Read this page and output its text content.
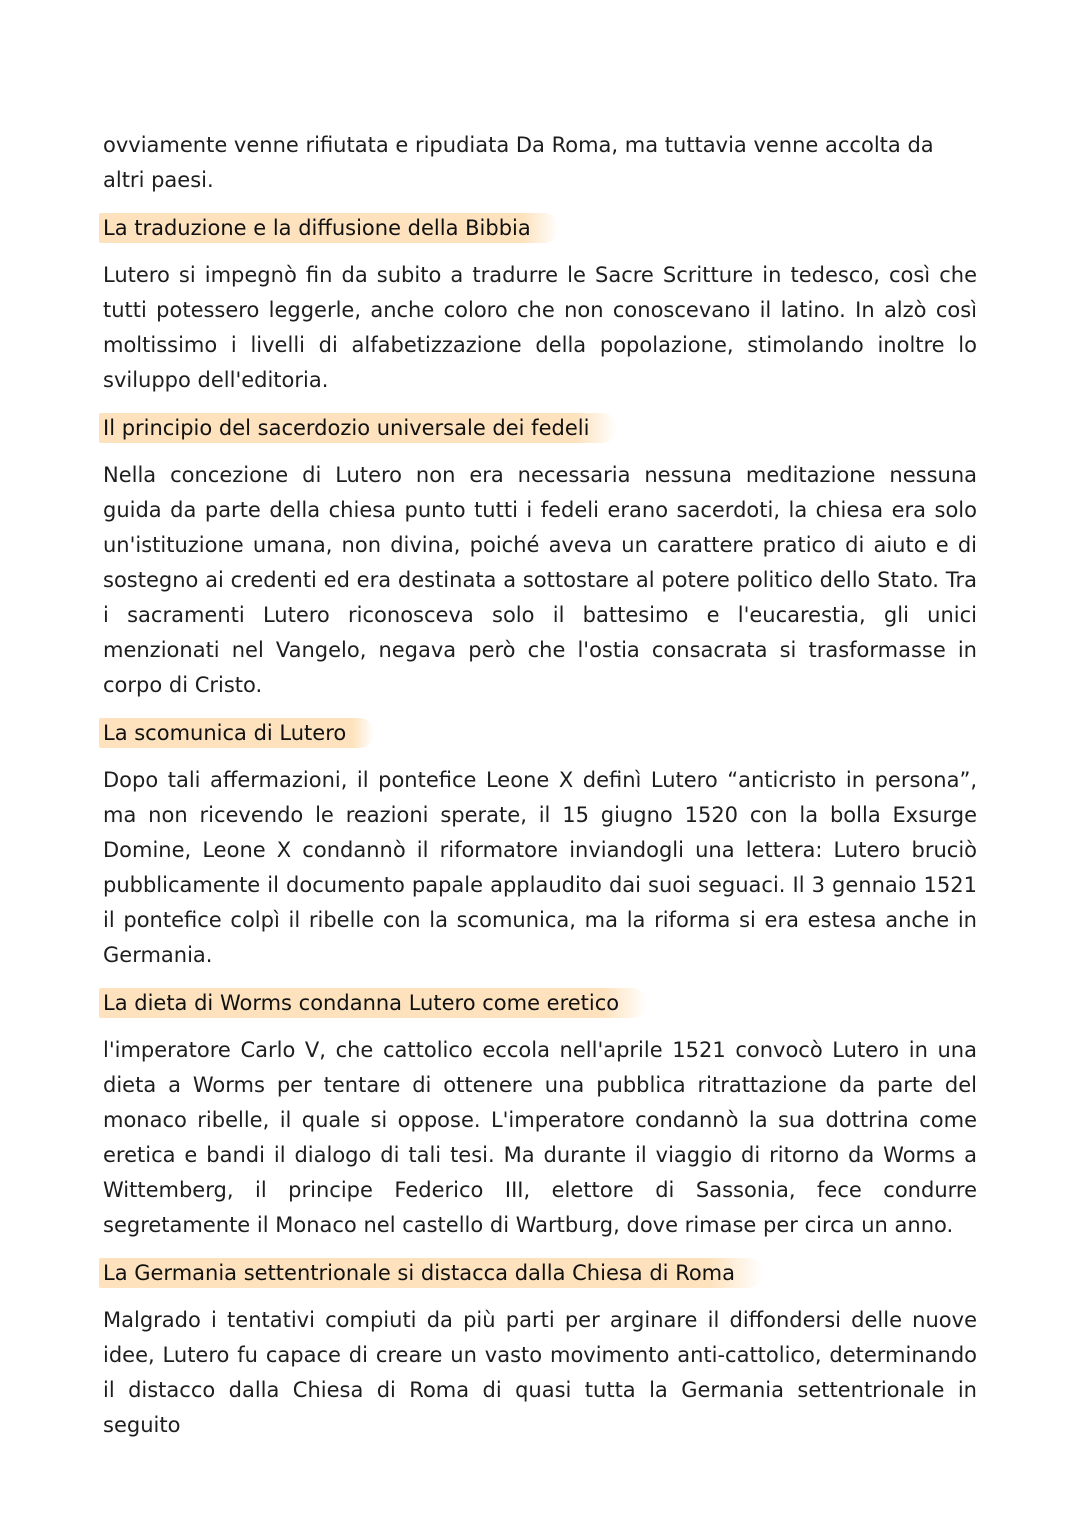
ovviamente venne rifiutata e ripudiata Da Roma, ma tuttavia venne accolta da altri paesi.

La traduzione e la diffusione della Bibbia

Lutero si impegnò fin da subito a tradurre le Sacre Scritture in tedesco, così che tutti potessero leggerle, anche coloro che non conoscevano il latino. In alzò così moltissimo i livelli di alfabetizzazione della popolazione, stimolando inoltre lo sviluppo dell'editoria.

Il principio del sacerdozio universale dei fedeli

Nella concezione di Lutero non era necessaria nessuna meditazione nessuna guida da parte della chiesa punto tutti i fedeli erano sacerdoti, la chiesa era solo un'istituzione umana, non divina, poiché aveva un carattere pratico di aiuto e di sostegno ai credenti ed era destinata a sottostare al potere politico dello Stato. Tra i sacramenti Lutero riconosceva solo il battesimo e l'eucarestia, gli unici menzionati nel Vangelo, negava però che l'ostia consacrata si trasformasse in corpo di Cristo.

La scomunica di Lutero

Dopo tali affermazioni, il pontefice Leone X definì Lutero “anticristo in persona”, ma non ricevendo le reazioni sperate, il 15 giugno 1520 con la bolla Exsurge Domine, Leone X condannò il riformatore inviandogli una lettera: Lutero bruciò pubblicamente il documento papale applaudito dai suoi seguaci. Il 3 gennaio 1521 il pontefice colpì il ribelle con la scomunica, ma la riforma si era estesa anche in Germania.

La dieta di Worms condanna Lutero come eretico

l'imperatore Carlo V, che cattolico eccola nell'aprile 1521 convocò Lutero in una dieta a Worms per tentare di ottenere una pubblica ritrattazione da parte del monaco ribelle, il quale si oppose. L'imperatore condannò la sua dottrina come eretica e bandi il dialogo di tali tesi. Ma durante il viaggio di ritorno da Worms a Wittemberg, il principe Federico III, elettore di Sassonia, fece condurre segretamente il Monaco nel castello di Wartburg, dove rimase per circa un anno.

La Germania settentrionale si distacca dalla Chiesa di Roma

Malgrado i tentativi compiuti da più parti per arginare il diffondersi delle nuove idee, Lutero fu capace di creare un vasto movimento anti-cattolico, determinando il distacco dalla Chiesa di Roma di quasi tutta la Germania settentrionale in seguito
